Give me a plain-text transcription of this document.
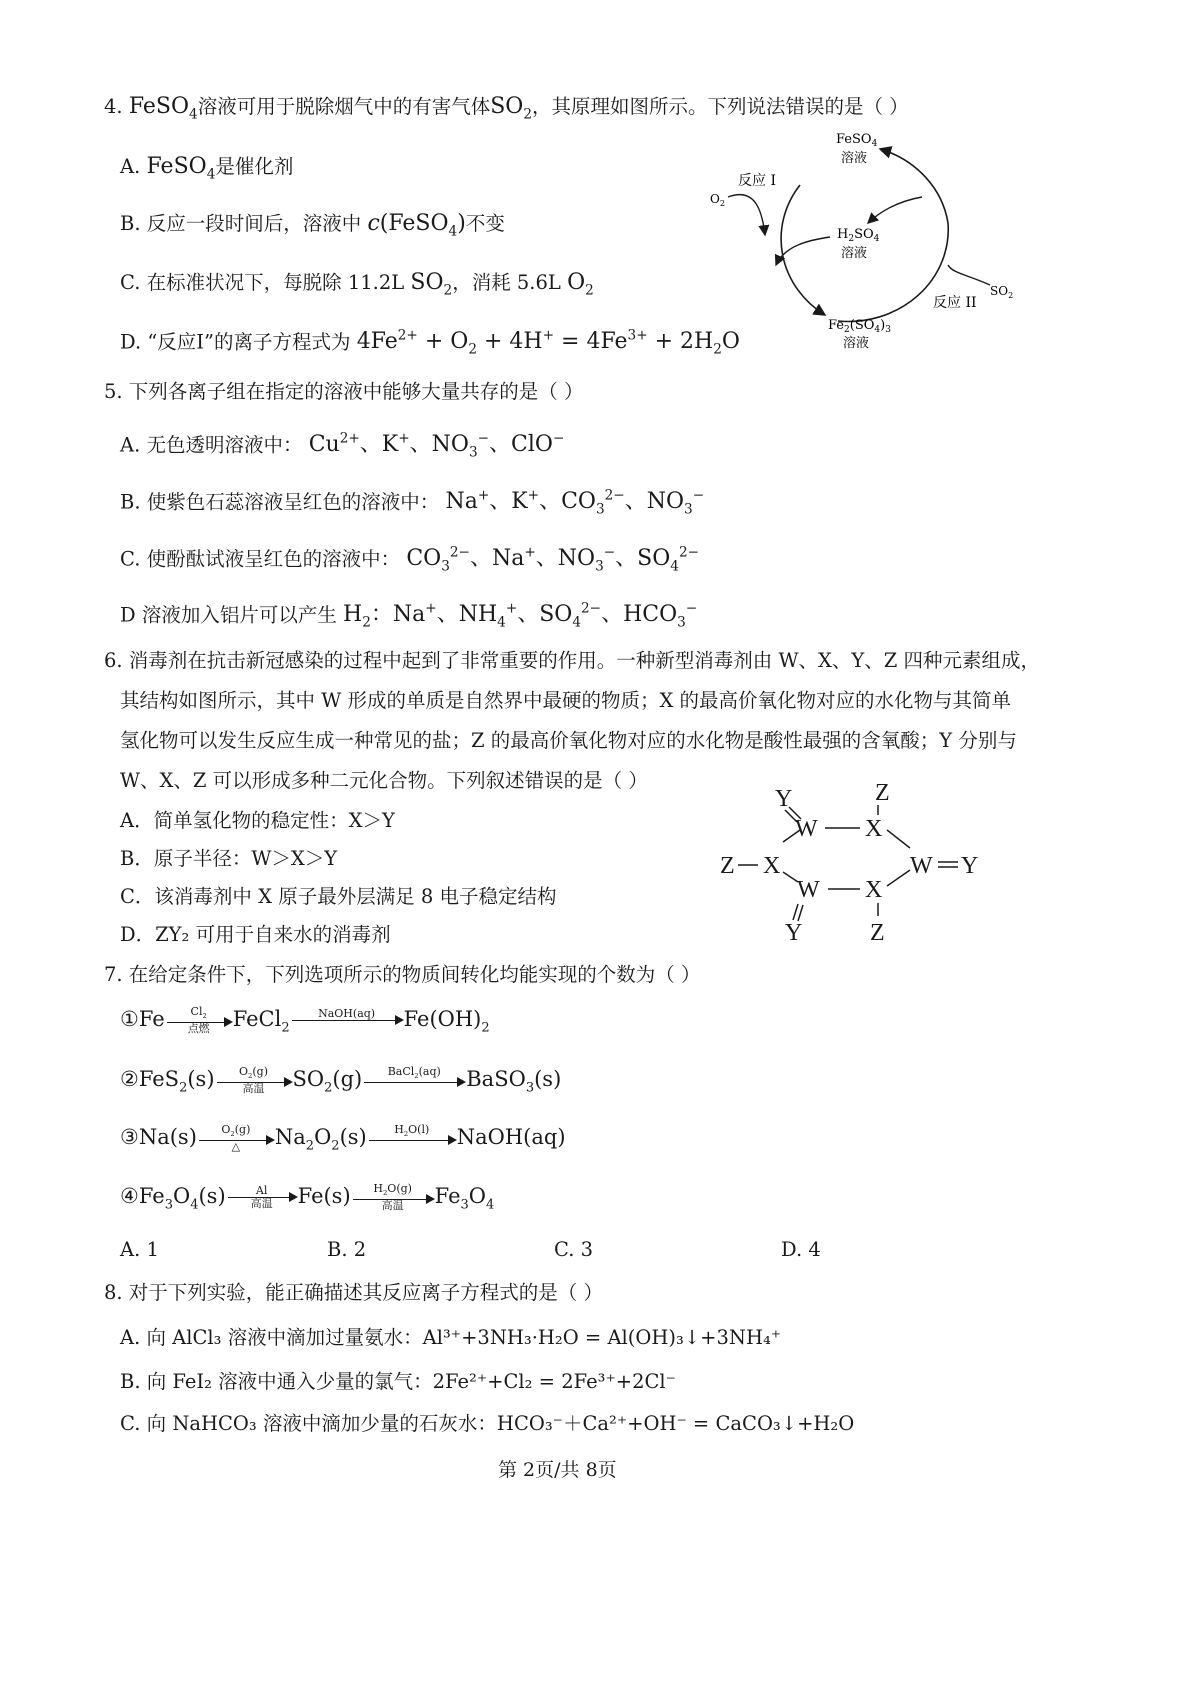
4. FeSO$_4$溶液可用于脱除烟气中的有害气体$SO_2$，其原理如图所示。下列说法错误的是（ ）
A. FeSO$_4$是催化剂
B. 反应一段时间后，溶液中 c(FeSO$_4$)不变
C. 在标准状况下，每脱除 11.2L $SO_2$，消耗 5.6L $O_2$
D. “反应I”的离子方程式为 $4Fe^{2+} + O_2 + 4H^+ = 4Fe^{3+} + 2H_2O$
FeSO$_4$
溶液
反应 I
$O_2$
$H_2SO_4$
溶液
$SO_2$
反应 II
$Fe_2(SO_4)_3$
溶液
5. 下列各离子组在指定的溶液中能够大量共存的是（ ）
A. 无色透明溶液中： $Cu^{2+}$、K+、$NO_3^-$、ClO−
B. 使紫色石蕊溶液呈红色的溶液中： Na+、K+、$CO_3^{2-}$、$NO_3^-$
C. 使酚酞试液呈红色的溶液中： $CO_3^{2-}$、Na+、$NO_3^-$、$SO_4^{2-}$
D 溶液加入铝片可以产生 $H_2$：Na+、$NH_4^+$、$SO_4^{2-}$、$HCO_3^-$
6. 消毒剂在抗击新冠感染的过程中起到了非常重要的作用。一种新型消毒剂由 W、X、Y、Z 四种元素组成，
其结构如图所示，其中 W 形成的单质是自然界中最硬的物质；X 的最高价氧化物对应的水化物与其简单
氢化物可以发生反应生成一种常见的盐；Z 的最高价氧化物对应的水化物是酸性最强的含氧酸；Y 分别与
W、X、Z 可以形成多种二元化合物。下列叙述错误的是（ ）
A．简单氢化物的稳定性：X＞Y
B．原子半径：W＞X＞Y
C．该消毒剂中 X 原子最外层满足 8 电子稳定结构
D．ZY₂ 可用于自来水的消毒剂
Y	Z
W X
Z X	W Y
W X
Y	Z
7. 在给定条件下，下列选项所示的物质间转化均能实现的个数为（ ）
①Fe	$Cl_2$
点燃	FeCl$_2$
NaOH(aq)
	$Fe(OH)_2$
②FeS$_2$(s)	$O_2(g)$
高温	$SO_2(g)$	BaCl$_2$(aq)
	BaSO$_3$(s)
③Na(s)	$O_2(g)$
△	$Na_2O_2(s)$	$H_2O(l)$
	NaOH(aq)
$④Fe_3O_4(s)$	Al
高温	Fe(s)	$H_2O(g)$
高温	$Fe_3O_4$
A. 1	B. 2	C. 3	D. 4
8. 对于下列实验，能正确描述其反应离子方程式的是（ ）
A. 向 AlCl₃ 溶液中滴加过量氨水：Al³⁺+3NH₃·H₂O = Al(OH)₃↓+3NH₄⁺
B. 向 FeI₂ 溶液中通入少量的氯气：2Fe²⁺+Cl₂ = 2Fe³⁺+2Cl⁻
C. 向 NaHCO₃ 溶液中滴加少量的石灰水：HCO₃⁻＋Ca²⁺+OH⁻ = CaCO₃↓+H₂O
第 2页/共 8页
